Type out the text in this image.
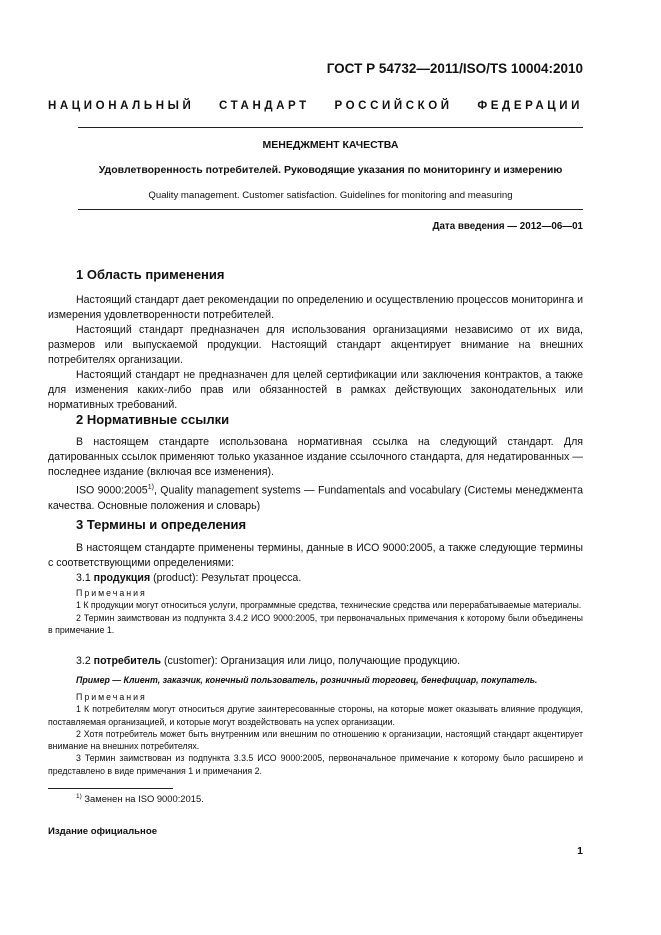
ГОСТ Р 54732—2011/ISO/TS 10004:2010
НАЦИОНАЛЬНЫЙ СТАНДАРТ РОССИЙСКОЙ ФЕДЕРАЦИИ
МЕНЕДЖМЕНТ КАЧЕСТВА
Удовлетворенность потребителей. Руководящие указания по мониторингу и измерению
Quality management. Customer satisfaction. Guidelines for monitoring and measuring
Дата введения — 2012—06—01
1 Область применения

Настоящий стандарт дает рекомендации по определению и осуществлению процессов мониторинга и измерения удовлетворенности потребителей.

Настоящий стандарт предназначен для использования организациями независимо от их вида, размеров или выпускаемой продукции. Настоящий стандарт акцентирует внимание на внешних потребителях организации.

Настоящий стандарт не предназначен для целей сертификации или заключения контрактов, а также для изменения каких-либо прав или обязанностей в рамках действующих законодательных или нормативных требований.

2 Нормативные ссылки

В настоящем стандарте использована нормативная ссылка на следующий стандарт. Для датированных ссылок применяют только указанное издание ссылочного стандарта, для недатированных — последнее издание (включая все изменения).

ISO 9000:2005$^{1)}$, Quality management systems — Fundamentals and vocabulary (Системы менеджмента качества. Основные положения и словарь)

3 Термины и определения

В настоящем стандарте применены термины, данные в ИСО 9000:2005, а также следующие термины с соответствующими определениями:

3.1 продукция (product): Результат процесса.

Примечания

1 К продукции могут относиться услуги, программные средства, технические средства или перерабатываемые материалы.

2 Термин заимствован из подпункта 3.4.2 ИСО 9000:2005, три первоначальных примечания к которому были объединены в примечание 1.

3.2 потребитель (customer): Организация или лицо, получающие продукцию.

Пример — Клиент, заказчик, конечный пользователь, розничный торговец, бенефициар, покупатель.

Примечания

1 К потребителям могут относиться другие заинтересованные стороны, на которые может оказывать влияние продукция, поставляемая организацией, и которые могут воздействовать на успех организации.

2 Хотя потребитель может быть внутренним или внешним по отношению к организации, настоящий стандарт акцентирует внимание на внешних потребителях.

3 Термин заимствован из подпункта 3.3.5 ИСО 9000:2005, первоначальное примечание к которому было расширено и представлено в виде примечания 1 и примечания 2.

$^{1)}$ Заменен на ISO 9000:2015.
Издание официальное
1
